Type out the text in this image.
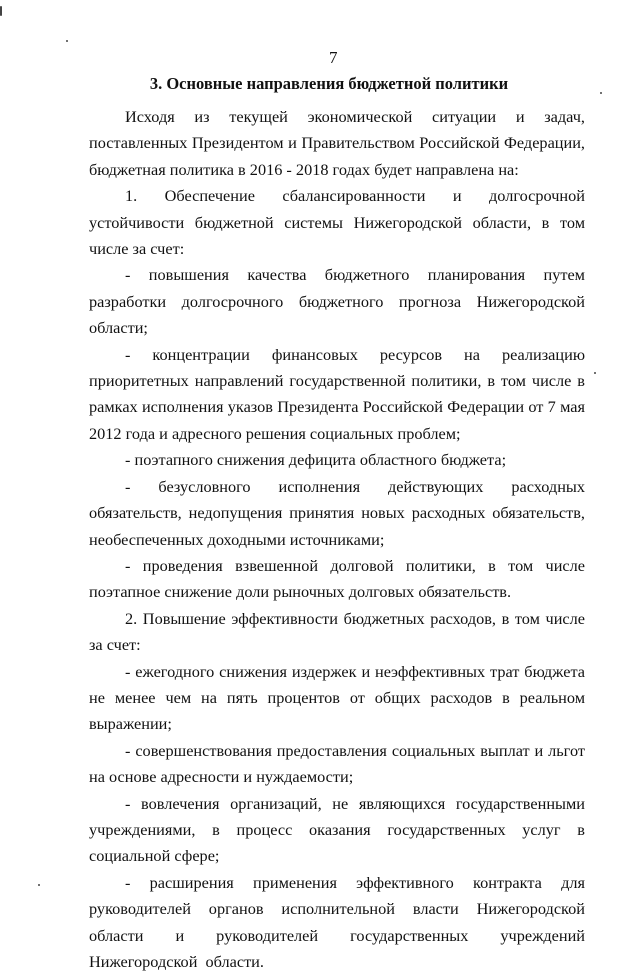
7
3. Основные направления бюджетной политики

Исходя из текущей экономической ситуации и задач, поставленных Президентом и Правительством Российской Федерации, бюджетная политика в 2016 - 2018 годах будет направлена на:

1. Обеспечение сбалансированности и долгосрочной устойчивости бюджетной системы Нижегородской области, в том числе за счет:

- повышения качества бюджетного планирования путем разработки долгосрочного бюджетного прогноза Нижегородской области;

- концентрации финансовых ресурсов на реализацию приоритетных направлений государственной политики, в том числе в рамках исполнения указов Президента Российской Федерации от 7 мая 2012 года и адресного решения социальных проблем;

- поэтапного снижения дефицита областного бюджета;

- безусловного исполнения действующих расходных обязательств, недопущения принятия новых расходных обязательств, необеспеченных доходными источниками;

- проведения взвешенной долговой политики, в том числе поэтапное снижение доли рыночных долговых обязательств.

2. Повышение эффективности бюджетных расходов, в том числе за счет:

- ежегодного снижения издержек и неэффективных трат бюджета не менее чем на пять процентов от общих расходов в реальном выражении;

- совершенствования предоставления социальных выплат и льгот на основе адресности и нуждаемости;

- вовлечения организаций, не являющихся государственными учреждениями, в процесс оказания государственных услуг в социальной сфере;

- расширения применения эффективного контракта для руководителей органов исполнительной власти Нижегородской области и руководителей государственных учреждений Нижегородской области.
